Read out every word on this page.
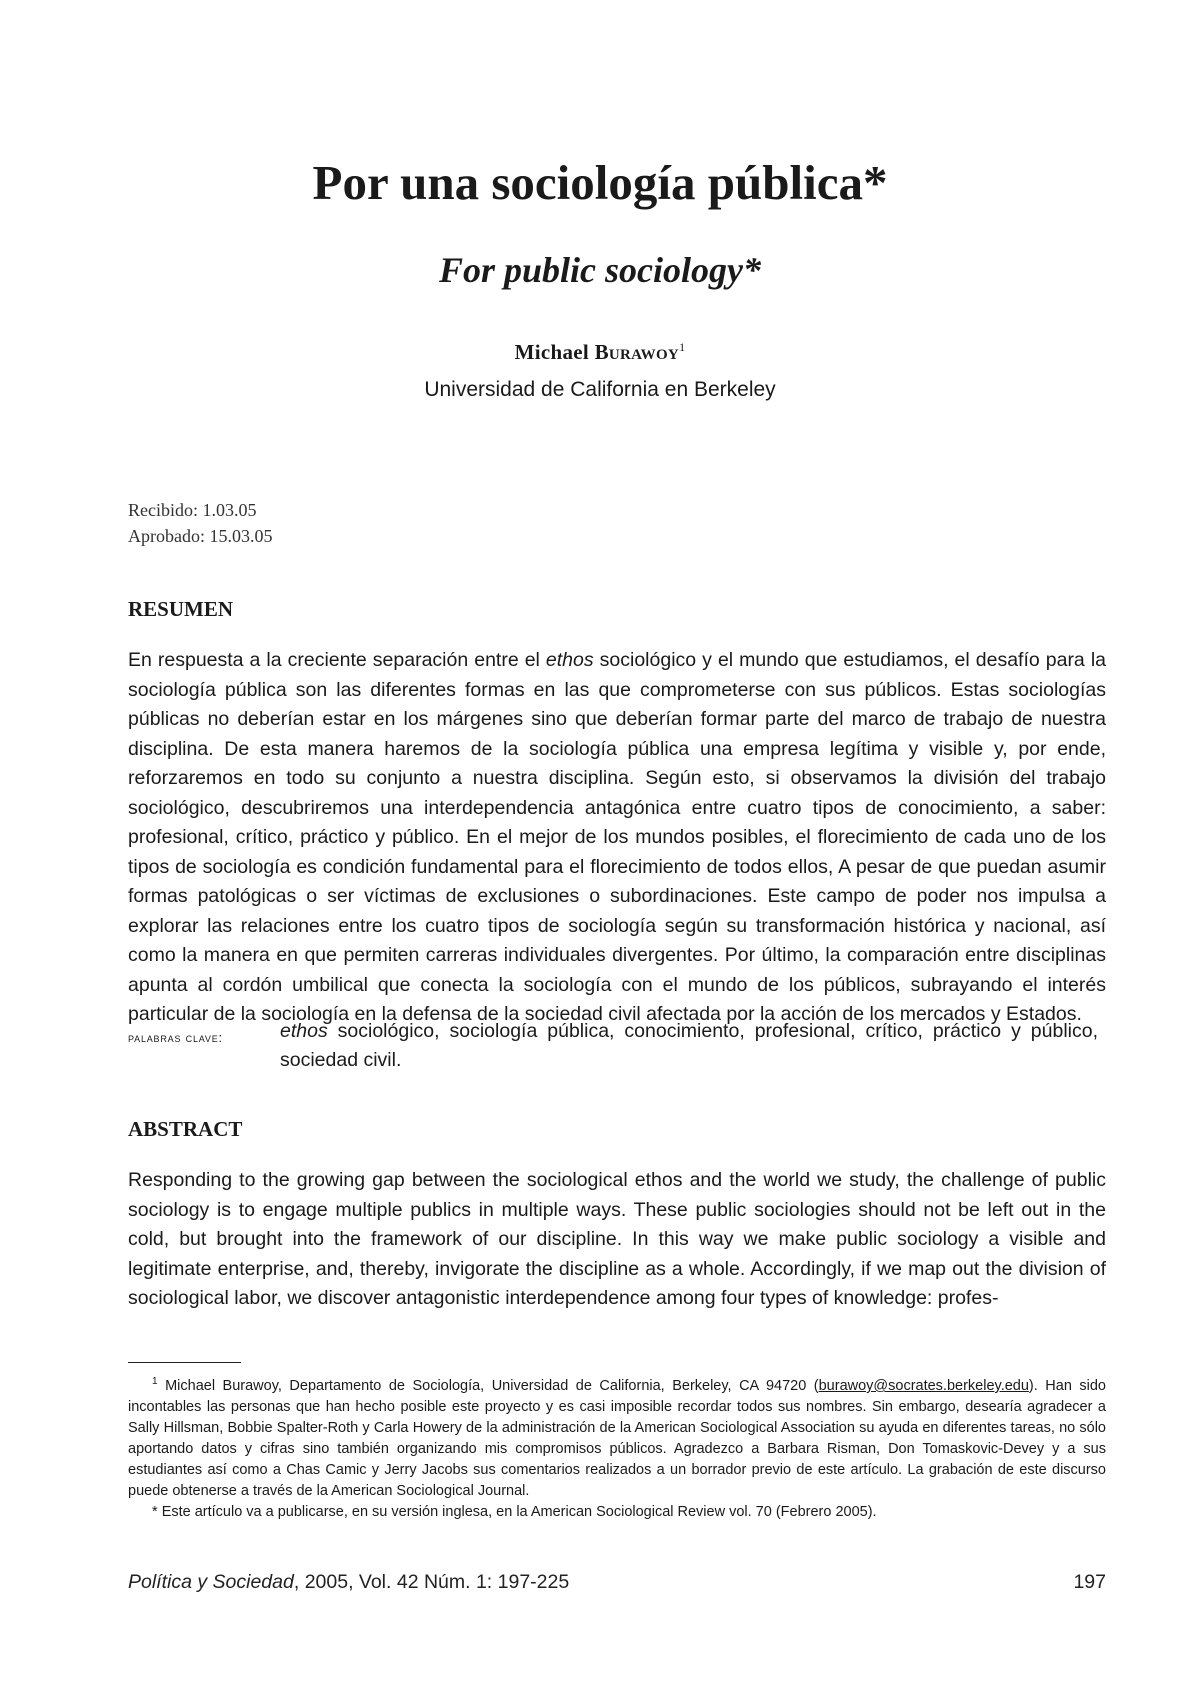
Por una sociología pública*
For public sociology*
Michael Burawoy$^1$
Universidad de California en Berkeley
Recibido: 1.03.05
Aprobado: 15.03.05
RESUMEN

En respuesta a la creciente separación entre el ethos sociológico y el mundo que estudiamos, el desafío para la sociología pública son las diferentes formas en las que comprometerse con sus públicos. Estas sociologías públicas no deberían estar en los márgenes sino que deberían formar parte del marco de trabajo de nuestra disciplina. De esta manera haremos de la sociología pública una empresa legítima y visible y, por ende, reforzaremos en todo su conjunto a nuestra disciplina. Según esto, si observamos la división del trabajo sociológico, descubriremos una interdependencia antagónica entre cuatro tipos de conocimiento, a saber: profesional, crítico, práctico y público. En el mejor de los mundos posibles, el florecimiento de cada uno de los tipos de sociología es condición fundamental para el florecimiento de todos ellos, A pesar de que puedan asumir formas patológicas o ser víctimas de exclusiones o subordinaciones. Este campo de poder nos impulsa a explorar las relaciones entre los cuatro tipos de sociología según su transformación histórica y nacional, así como la manera en que permiten carreras individuales divergentes. Por último, la comparación entre disciplinas apunta al cordón umbilical que conecta la sociología con el mundo de los públicos, subrayando el interés particular de la sociología en la defensa de la sociedad civil afectada por la acción de los mercados y Estados.

palabras clave:	ethos sociológico, sociología pública, conocimiento, profesional, crítico, práctico y público, sociedad civil.
ABSTRACT

Responding to the growing gap between the sociological ethos and the world we study, the challenge of public sociology is to engage multiple publics in multiple ways. These public sociologies should not be left out in the cold, but brought into the framework of our discipline. In this way we make public sociology a visible and legitimate enterprise, and, thereby, invigorate the discipline as a whole. Accordingly, if we map out the division of sociological labor, we discover antagonistic interdependence among four types of knowledge: profes-

$^1$ Michael Burawoy, Departamento de Sociología, Universidad de California, Berkeley, CA 94720 (burawoy@socrates.berkeley.edu). Han sido incontables las personas que han hecho posible este proyecto y es casi imposible recordar todos sus nombres. Sin embargo, desearía agradecer a Sally Hillsman, Bobbie Spalter-Roth y Carla Howery de la administración de la American Sociological Association su ayuda en diferentes tareas, no sólo aportando datos y cifras sino también organizando mis compromisos públicos. Agradezco a Barbara Risman, Don Tomaskovic-Devey y a sus estudiantes así como a Chas Camic y Jerry Jacobs sus comentarios realizados a un borrador previo de este artículo. La grabación de este discurso puede obtenerse a través de la American Sociological Journal.

* Este artículo va a publicarse, en su versión inglesa, en la American Sociological Review vol. 70 (Febrero 2005).

Política y Sociedad, 2005, Vol. 42 Núm. 1: 197-225	197
